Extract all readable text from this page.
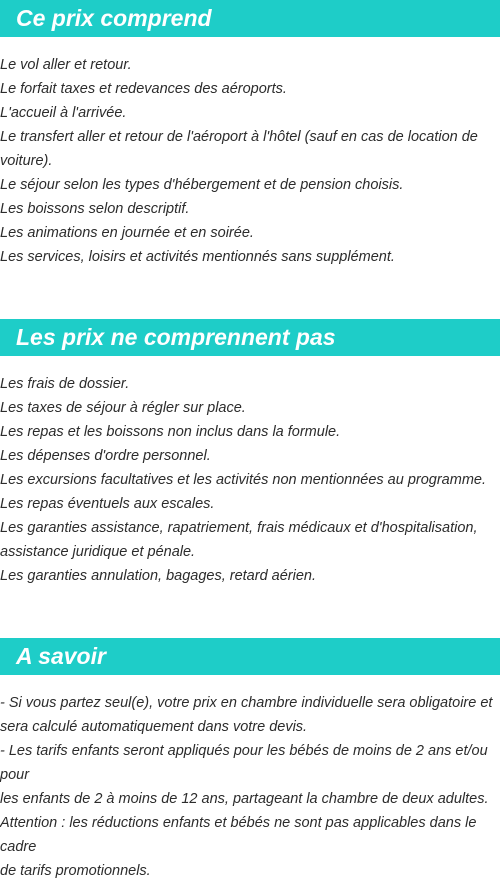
Ce prix comprend

Le vol aller et retour.

Le forfait taxes et redevances des aéroports.

L'accueil à l'arrivée.

Le transfert aller et retour de l'aéroport à l'hôtel (sauf en cas de location de

voiture).

Le séjour selon les types d'hébergement et de pension choisis.

Les boissons selon descriptif.

Les animations en journée et en soirée.

Les services, loisirs et activités mentionnés sans supplément.

Les prix ne comprennent pas

Les frais de dossier.

Les taxes de séjour à régler sur place.

Les repas et les boissons non inclus dans la formule.

Les dépenses d'ordre personnel.

Les excursions facultatives et les activités non mentionnées au programme.

Les repas éventuels aux escales.

Les garanties assistance, rapatriement, frais médicaux et d'hospitalisation,

assistance juridique et pénale.

Les garanties annulation, bagages, retard aérien.

A savoir

- Si vous partez seul(e), votre prix en chambre individuelle sera obligatoire et

sera calculé automatiquement dans votre devis.

- Les tarifs enfants seront appliqués pour les bébés de moins de 2 ans et/ou pour

les enfants de 2 à moins de 12 ans, partageant la chambre de deux adultes.

Attention : les réductions enfants et bébés ne sont pas applicables dans le cadre

de tarifs promotionnels.
